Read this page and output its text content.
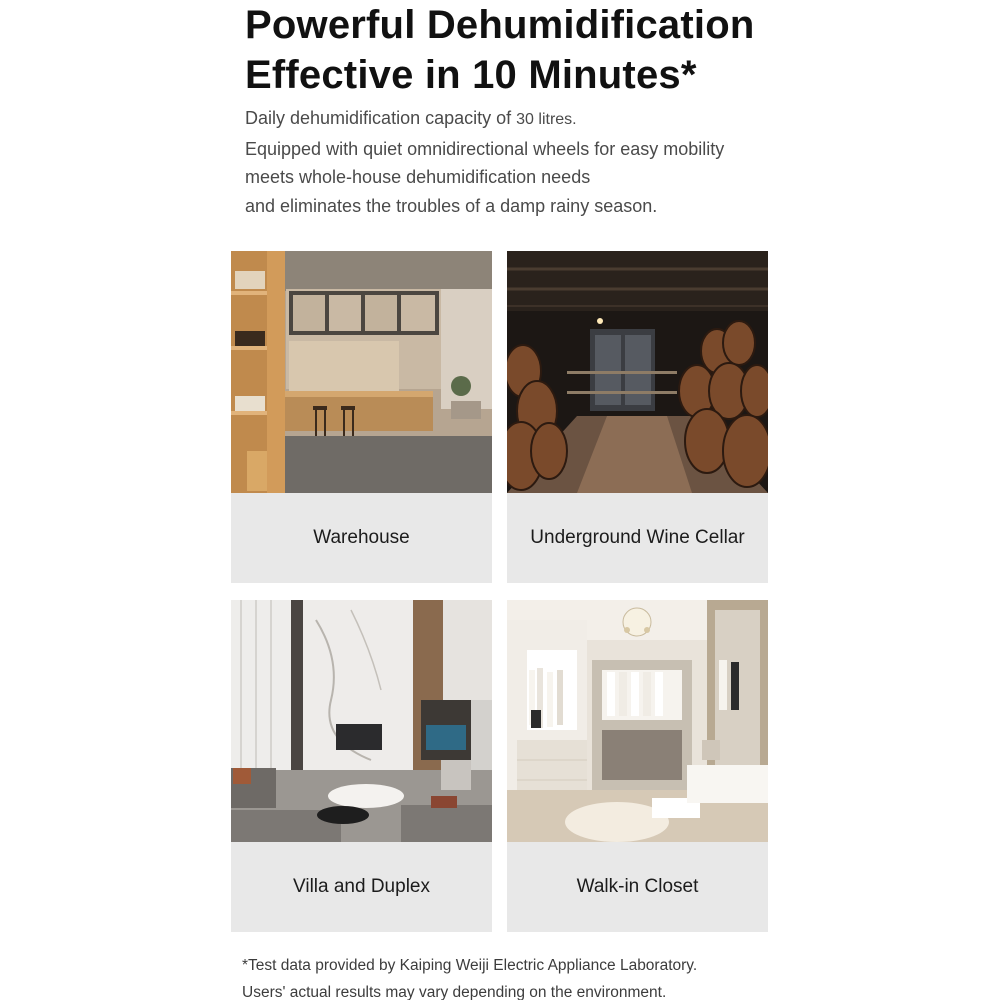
Powerful Dehumidification
Effective in 10 Minutes*
Daily dehumidification capacity of 30 litres.
Equipped with quiet omnidirectional wheels for easy mobility
meets whole-house dehumidification needs
and eliminates the troubles of a damp rainy season.
Warehouse	Underground Wine Cellar
Villa and Duplex	Walk-in Closet
*Test data provided by Kaiping Weiji Electric Appliance Laboratory.
Users' actual results may vary depending on the environment.
